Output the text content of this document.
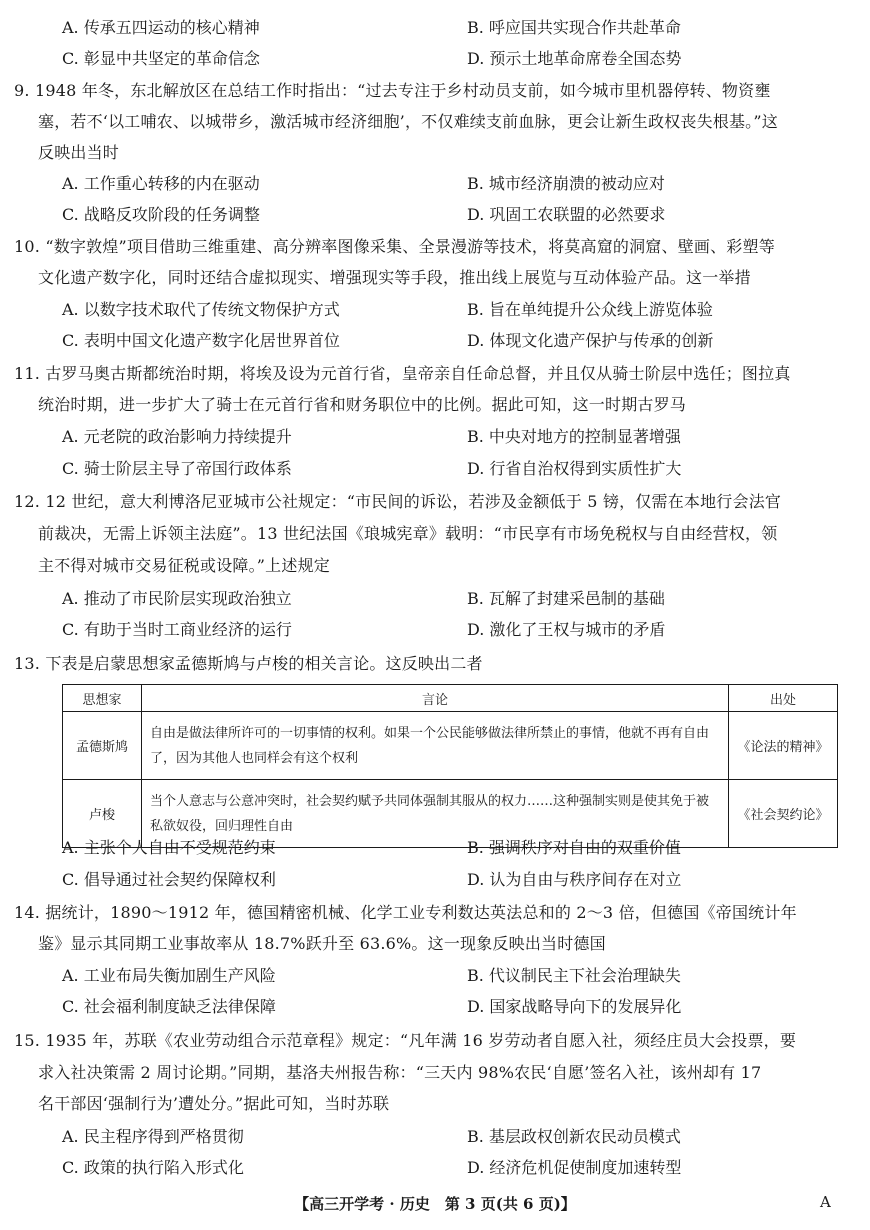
A. 传承五四运动的核心精神	B. 呼应国共实现合作共赴革命
C. 彰显中共坚定的革命信念	D. 预示土地革命席卷全国态势
9. 1948 年冬，东北解放区在总结工作时指出：“过去专注于乡村动员支前，如今城市里机器停转、物资壅
塞，若不‘以工哺农、以城带乡，激活城市经济细胞’，不仅难续支前血脉，更会让新生政权丧失根基。”这
反映出当时
A. 工作重心转移的内在驱动	B. 城市经济崩溃的被动应对
C. 战略反攻阶段的任务调整	D. 巩固工农联盟的必然要求
10. “数字敦煌”项目借助三维重建、高分辨率图像采集、全景漫游等技术，将莫高窟的洞窟、壁画、彩塑等
文化遗产数字化，同时还结合虚拟现实、增强现实等手段，推出线上展览与互动体验产品。这一举措
A. 以数字技术取代了传统文物保护方式	B. 旨在单纯提升公众线上游览体验
C. 表明中国文化遗产数字化居世界首位	D. 体现文化遗产保护与传承的创新
11. 古罗马奥古斯都统治时期，将埃及设为元首行省，皇帝亲自任命总督，并且仅从骑士阶层中选任；图拉真
统治时期，进一步扩大了骑士在元首行省和财务职位中的比例。据此可知，这一时期古罗马
A. 元老院的政治影响力持续提升	B. 中央对地方的控制显著增强
C. 骑士阶层主导了帝国行政体系	D. 行省自治权得到实质性扩大
12. 12 世纪，意大利博洛尼亚城市公社规定：“市民间的诉讼，若涉及金额低于 5 镑，仅需在本地行会法官
前裁决，无需上诉领主法庭”。13 世纪法国《琅城宪章》载明：“市民享有市场免税权与自由经营权，领
主不得对城市交易征税或设障。”上述规定
A. 推动了市民阶层实现政治独立	B. 瓦解了封建采邑制的基础
C. 有助于当时工商业经济的运行	D. 激化了王权与城市的矛盾
13. 下表是启蒙思想家孟德斯鸠与卢梭的相关言论。这反映出二者
思想家	言论	出处
孟德斯鸠	自由是做法律所许可的一切事情的权利。如果一个公民能够做法律所禁止的事情，他就不再有自由了，因为其他人也同样会有这个权利	《论法的精神》
卢梭	当个人意志与公意冲突时，社会契约赋予共同体强制其服从的权力……这种强制实则是使其免于被私欲奴役，回归理性自由	《社会契约论》
A. 主张个人自由不受规范约束	B. 强调秩序对自由的双重价值
C. 倡导通过社会契约保障权利	D. 认为自由与秩序间存在对立
14. 据统计，1890～1912 年，德国精密机械、化学工业专利数达英法总和的 2～3 倍，但德国《帝国统计年
鉴》显示其同期工业事故率从 18.7%跃升至 63.6%。这一现象反映出当时德国
A. 工业布局失衡加剧生产风险	B. 代议制民主下社会治理缺失
C. 社会福利制度缺乏法律保障	D. 国家战略导向下的发展异化
15. 1935 年，苏联《农业劳动组合示范章程》规定：“凡年满 16 岁劳动者自愿入社，须经庄员大会投票，要
求入社决策需 2 周讨论期。”同期，基洛夫州报告称：“三天内 98%农民‘自愿’签名入社，该州却有 17
名干部因‘强制行为’遭处分。”据此可知，当时苏联
A. 民主程序得到严格贯彻	B. 基层政权创新农民动员模式
C. 政策的执行陷入形式化	D. 经济危机促使制度加速转型
【高三开学考 · 历史　第 3 页(共 6 页)】	A
